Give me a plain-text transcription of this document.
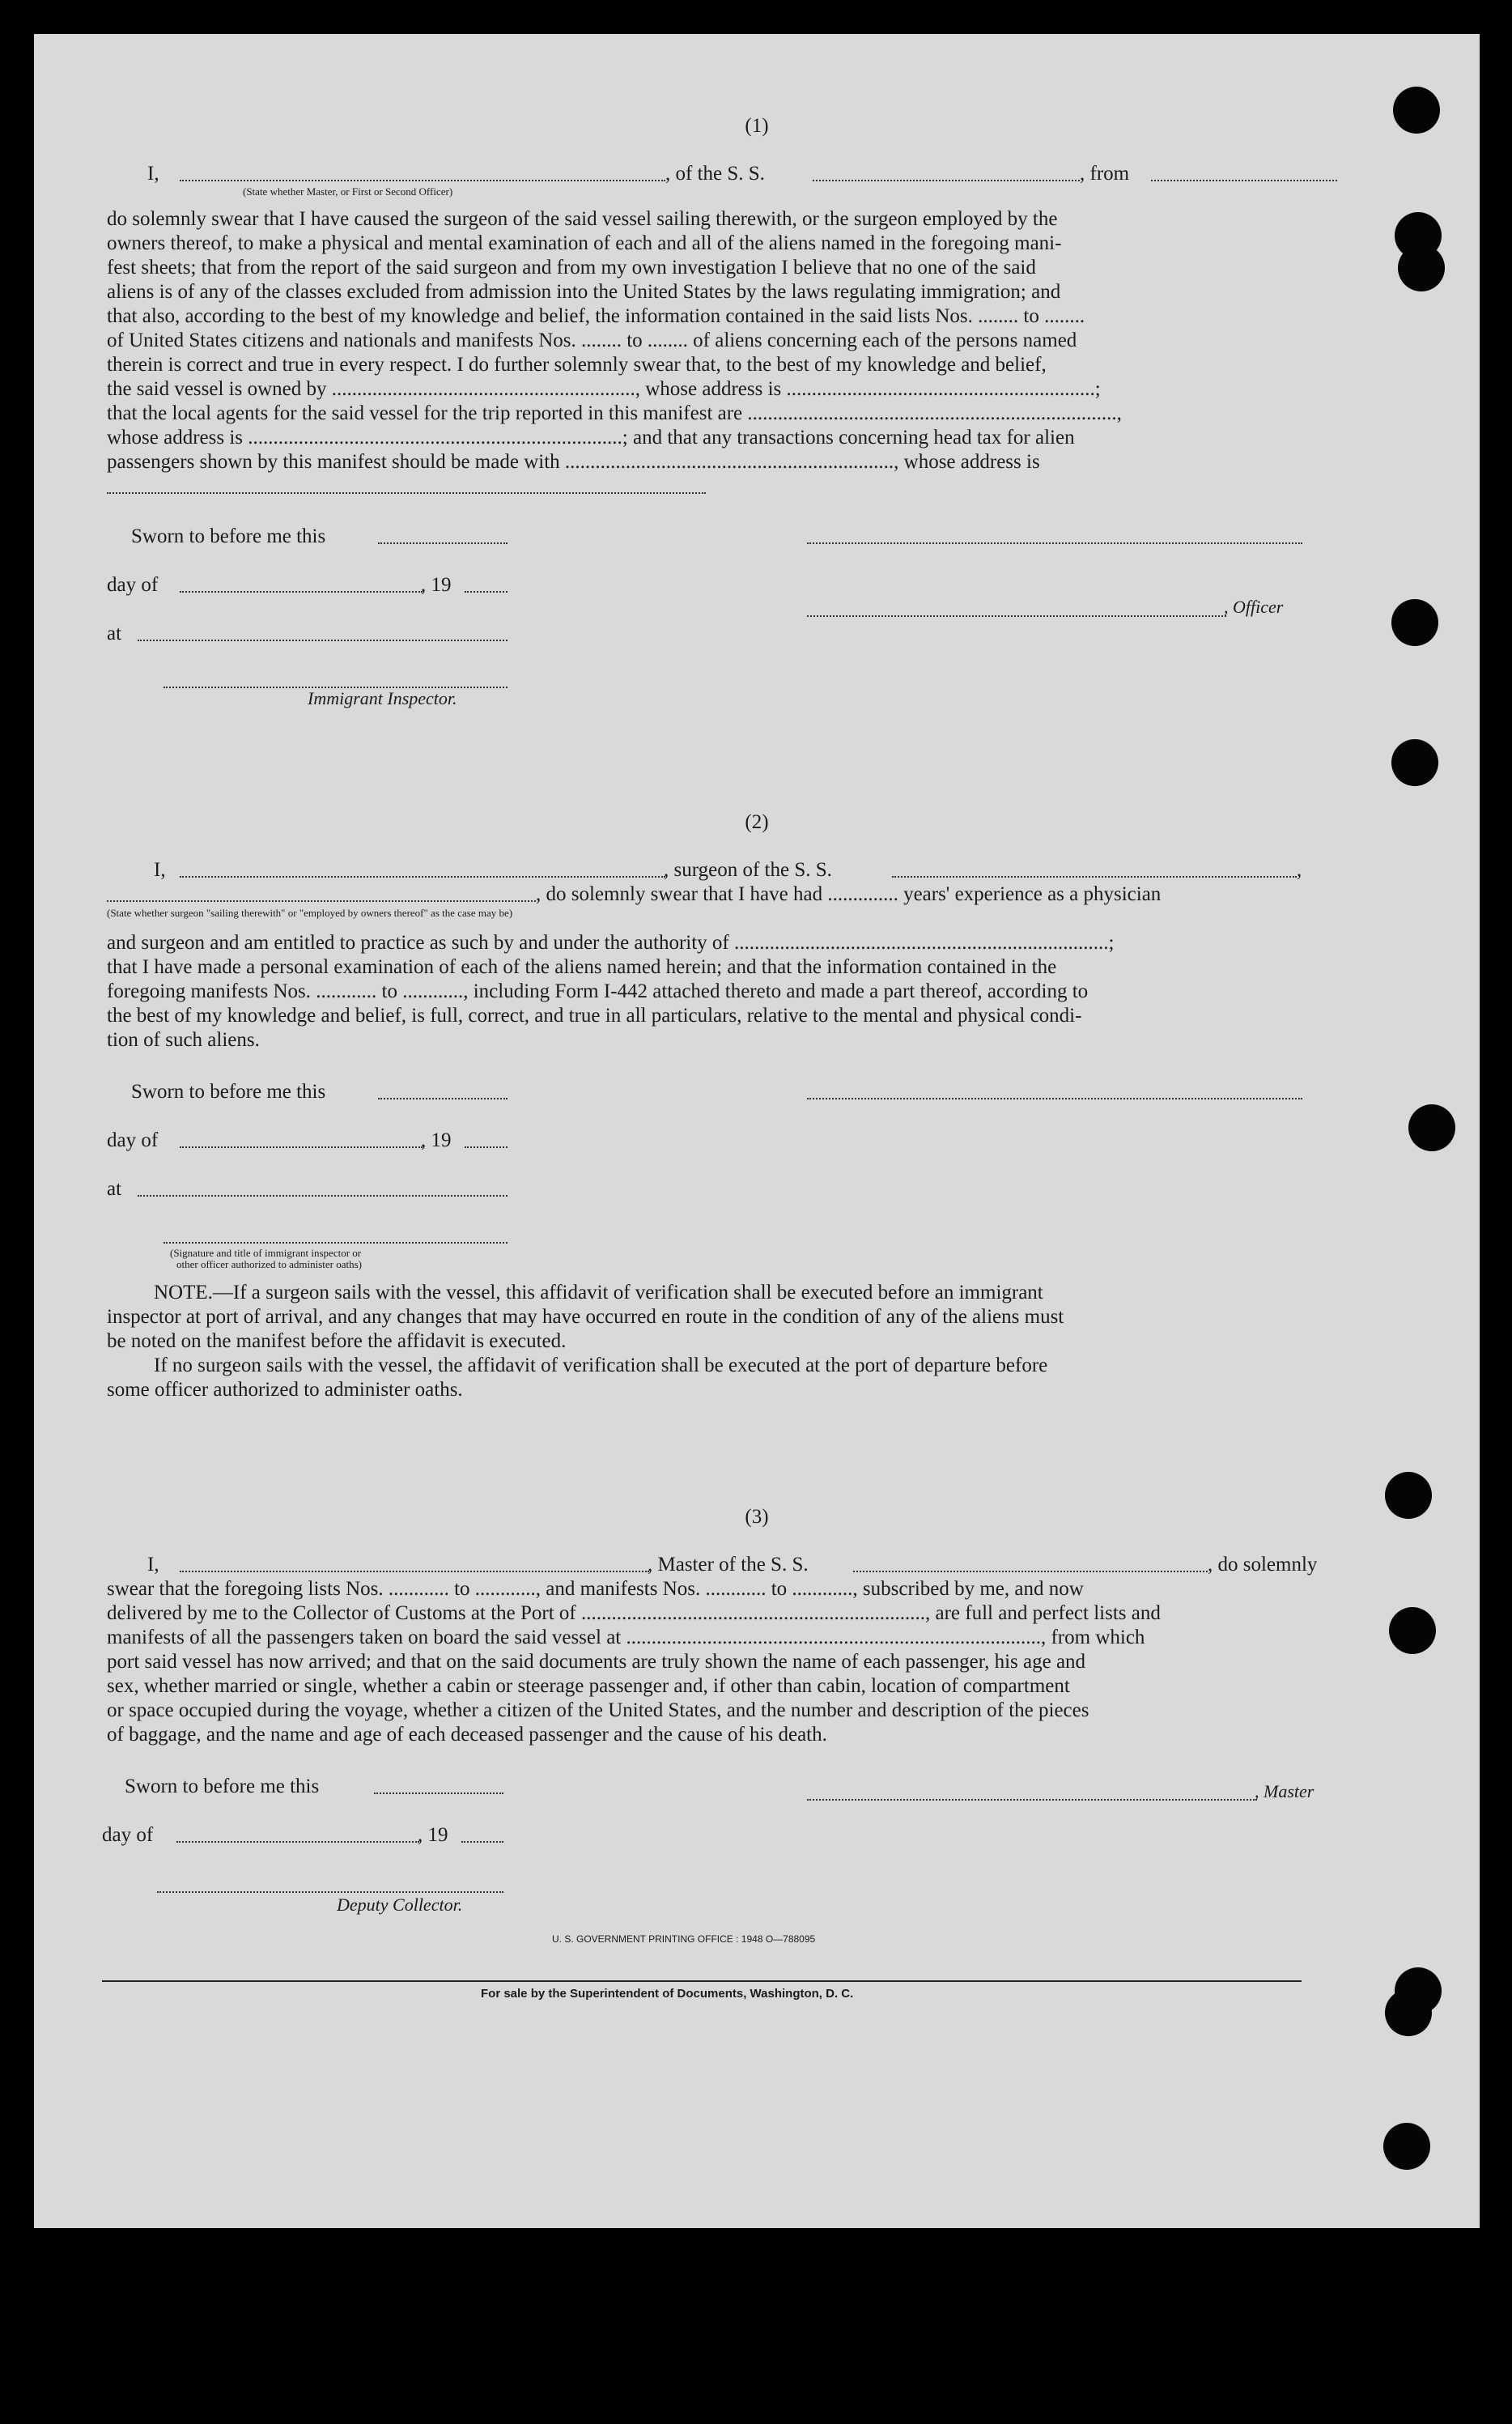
(1)
I,	, of the S. S.	, from
(State whether Master, or First or Second Officer)
do solemnly swear that I have caused the surgeon of the said vessel sailing therewith, or the surgeon employed by the
owners thereof, to make a physical and mental examination of each and all of the aliens named in the foregoing mani-
fest sheets; that from the report of the said surgeon and from my own investigation I believe that no one of the said
aliens is of any of the classes excluded from admission into the United States by the laws regulating immigration; and
that also, according to the best of my knowledge and belief, the information contained in the said lists Nos. ........ to ........
of United States citizens and nationals and manifests Nos. ........ to ........ of aliens concerning each of the persons named
therein is correct and true in every respect. I do further solemnly swear that, to the best of my knowledge and belief,
the said vessel is owned by ............................................................, whose address is .............................................................;
that the local agents for the said vessel for the trip reported in this manifest are .........................................................................,
whose address is ..........................................................................; and that any transactions concerning head tax for alien
passengers shown by this manifest should be made with ................................................................., whose address is
Sworn to before me this
day of	, 19
, Officer
at
Immigrant Inspector.
(2)
I,	, surgeon of the S. S.	,
, do solemnly swear that I have had .............. years' experience as a physician
(State whether surgeon "sailing therewith" or "employed by owners thereof" as the case may be)
and surgeon and am entitled to practice as such by and under the authority of ..........................................................................;
that I have made a personal examination of each of the aliens named herein; and that the information contained in the
foregoing manifests Nos. ............ to ............, including Form I-442 attached thereto and made a part thereof, according to
the best of my knowledge and belief, is full, correct, and true in all particulars, relative to the mental and physical condi-
tion of such aliens.
Sworn to before me this
day of	, 19
at
(Signature and title of immigrant inspector or
other officer authorized to administer oaths)
NOTE.—If a surgeon sails with the vessel, this affidavit of verification shall be executed before an immigrant
inspector at port of arrival, and any changes that may have occurred en route in the condition of any of the aliens must
be noted on the manifest before the affidavit is executed.
If no surgeon sails with the vessel, the affidavit of verification shall be executed at the port of departure before
some officer authorized to administer oaths.
(3)
I,	, Master of the S. S.	, do solemnly
swear that the foregoing lists Nos. ............ to ............, and manifests Nos. ............ to ............, subscribed by me, and now
delivered by me to the Collector of Customs at the Port of ...................................................................., are full and perfect lists and
manifests of all the passengers taken on board the said vessel at .................................................................................., from which
port said vessel has now arrived; and that on the said documents are truly shown the name of each passenger, his age and
sex, whether married or single, whether a cabin or steerage passenger and, if other than cabin, location of compartment
or space occupied during the voyage, whether a citizen of the United States, and the number and description of the pieces
of baggage, and the name and age of each deceased passenger and the cause of his death.
Sworn to before me this	, Master
day of	, 19
Deputy Collector.
U. S. GOVERNMENT PRINTING OFFICE : 1948 O—788095
For sale by the Superintendent of Documents, Washington, D. C.
